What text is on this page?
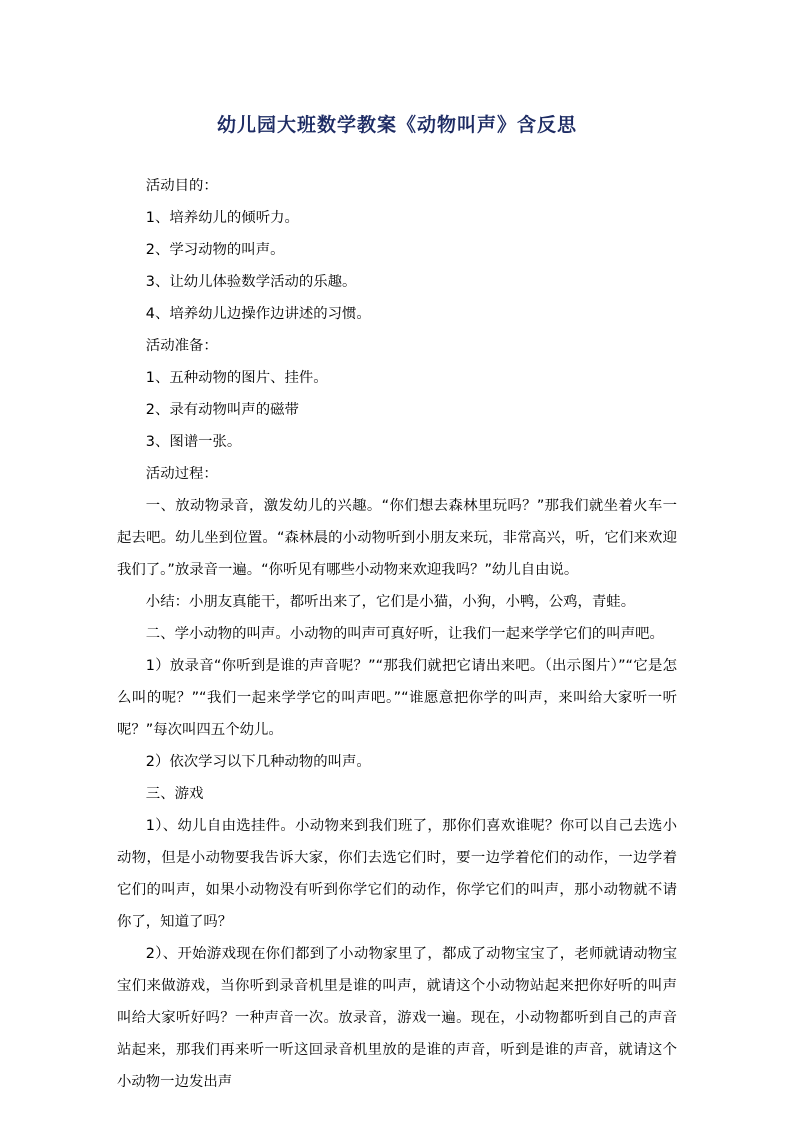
幼儿园大班数学教案《动物叫声》含反思

活动目的：

1、培养幼儿的倾听力。

2、学习动物的叫声。

3、让幼儿体验数学活动的乐趣。

4、培养幼儿边操作边讲述的习惯。

活动准备：

1、五种动物的图片、挂件。

2、录有动物叫声的磁带

3、图谱一张。

活动过程：

一、放动物录音，激发幼儿的兴趣。“你们想去森林里玩吗？”那我们就坐着火车一起去吧。幼儿坐到位置。“森林晨的小动物听到小朋友来玩，非常高兴，听，它们来欢迎我们了。”放录音一遍。“你听见有哪些小动物来欢迎我吗？”幼儿自由说。

小结：小朋友真能干，都听出来了，它们是小猫，小狗，小鸭，公鸡，青蛙。

二、学小动物的叫声。小动物的叫声可真好听，让我们一起来学学它们的叫声吧。

1）放录音“你听到是谁的声音呢？”“那我们就把它请出来吧。（出示图片）”“它是怎么叫的呢？”“我们一起来学学它的叫声吧。”“谁愿意把你学的叫声，来叫给大家听一听呢？”每次叫四五个幼儿。

2）依次学习以下几种动物的叫声。

三、游戏

1）、幼儿自由选挂件。小动物来到我们班了，那你们喜欢谁呢？你可以自己去选小动物，但是小动物要我告诉大家，你们去选它们时，要一边学着佗们的动作，一边学着它们的叫声，如果小动物没有听到你学它们的动作，你学它们的叫声，那小动物就不请你了，知道了吗？

2）、开始游戏现在你们都到了小动物家里了，都成了动物宝宝了，老师就请动物宝宝们来做游戏，当你听到录音机里是谁的叫声，就请这个小动物站起来把你好听的叫声叫给大家听好吗？一种声音一次。放录音，游戏一遍。现在，小动物都听到自己的声音站起来，那我们再来听一听这回录音机里放的是谁的声音，听到是谁的声音，就请这个小动物一边发出声
